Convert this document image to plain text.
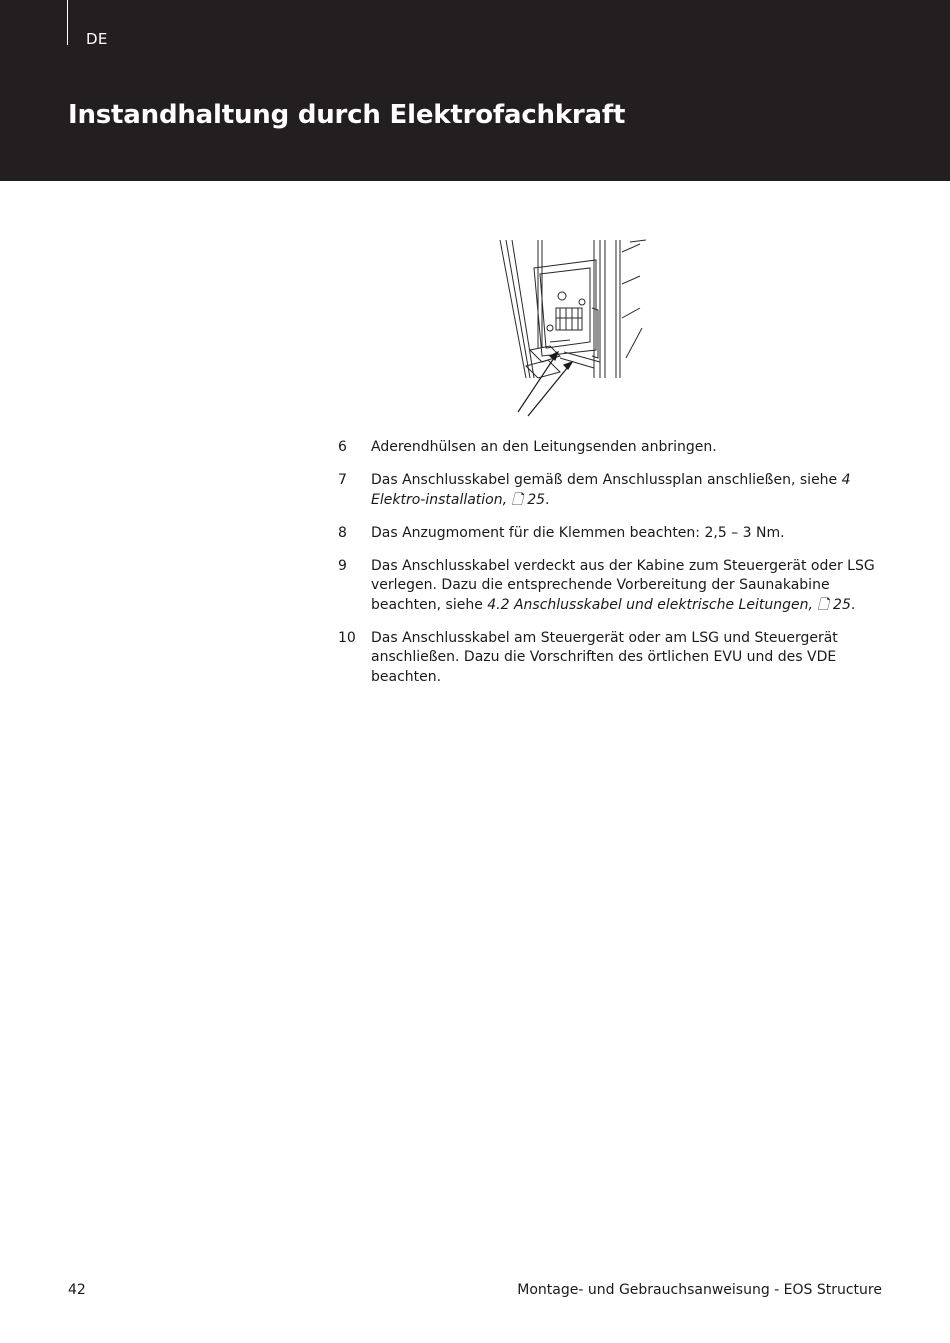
DE
Instandhaltung durch Elektrofachkraft
6	Aderendhülsen an den Leitungsenden anbringen.
7	Das Anschlusskabel gemäß dem Anschlussplan anschließen, siehe 4 Elektro-installation, 🗋 25.
8	Das Anzugmoment für die Klemmen beachten: 2,5 – 3 Nm.
9	Das Anschlusskabel verdeckt aus der Kabine zum Steuergerät oder LSG verlegen. Dazu die entsprechende Vorbereitung der Saunakabine beachten, siehe 4.2 Anschlusskabel und elektrische Leitungen, 🗋 25.
10	Das Anschlusskabel am Steuergerät oder am LSG und Steuergerät anschließen. Dazu die Vorschriften des örtlichen EVU und des VDE beachten.
42	Montage- und Gebrauchsanweisung - EOS Structure
